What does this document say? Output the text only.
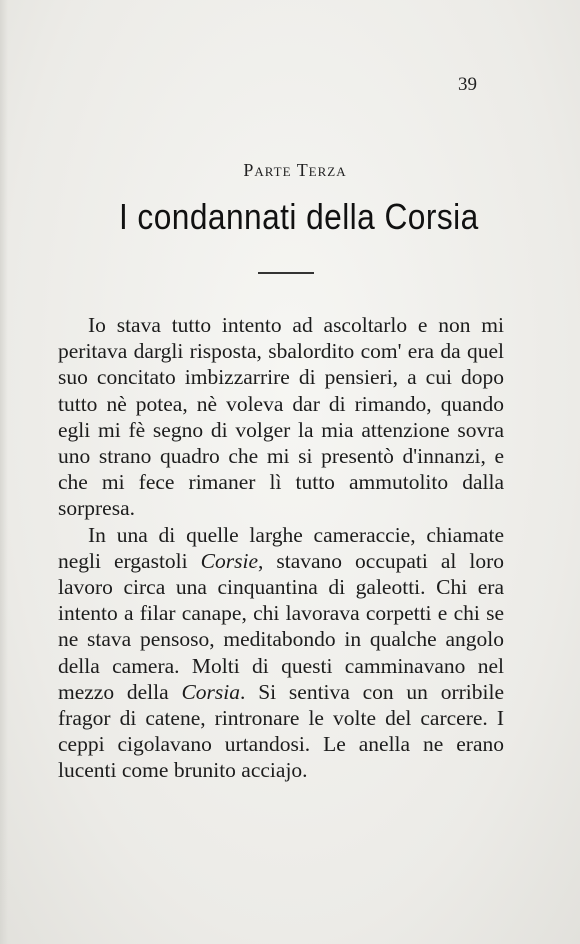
39
Parte Terza
I condannati della Corsia

Io stava tutto intento ad ascoltarlo e non mi peritava dargli risposta, sbalordito com' era da quel suo concitato imbizzarrire di pensieri, a cui dopo tutto nè potea, nè voleva dar di rimando, quando egli mi fè segno di volger la mia attenzione sovra uno strano quadro che mi si presentò d'innanzi, e che mi fece rimaner lì tutto ammutolito dalla sorpresa.

In una di quelle larghe cameraccie, chiamate negli ergastoli Corsie, stavano occupati al loro lavoro circa una cinquantina di galeotti. Chi era intento a filar canape, chi lavorava corpetti e chi se ne stava pensoso, meditabondo in qualche angolo della camera. Molti di questi camminavano nel mezzo della Corsia. Si sentiva con un orribile fragor di catene, rintronare le volte del carcere. I ceppi cigolavano urtandosi. Le anella ne erano lucenti come brunito acciajo.
